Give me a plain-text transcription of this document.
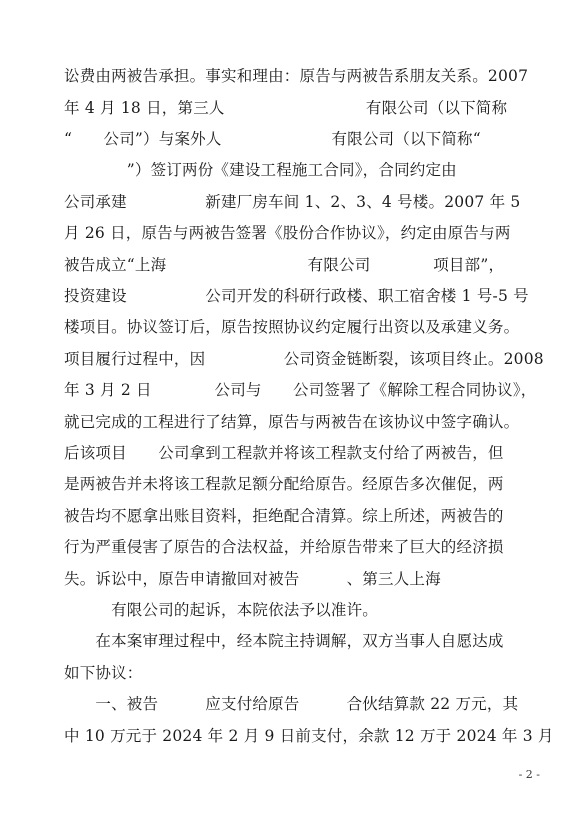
讼费由两被告承担。事实和理由：原告与两被告系朋友关系。2007
年 4 月 18 日，第三人　　　　　　　　　有限公司（以下简称
“　　公司”）与案外人　　　　　　　有限公司（以下简称“
　　　　”）签订两份《建设工程施工合同》，合同约定由
公司承建　　　　　新建厂房车间 1、2、3、4 号楼。2007 年 5
月 26 日，原告与两被告签署《股份合作协议》，约定由原告与两
被告成立“上海　　　　　　　　　有限公司　　　　项目部”，
投资建设　　　　　公司开发的科研行政楼、职工宿舍楼 1 号-5 号
楼项目。协议签订后，原告按照协议约定履行出资以及承建义务。
项目履行过程中，因　　　　　公司资金链断裂，该项目终止。2008
年 3 月 2 日　　　　公司与　　公司签署了《解除工程合同协议》，
就已完成的工程进行了结算，原告与两被告在该协议中签字确认。
后该项目　　公司拿到工程款并将该工程款支付给了两被告，但
是两被告并未将该工程款足额分配给原告。经原告多次催促，两
被告均不愿拿出账目资料，拒绝配合清算。综上所述，两被告的
行为严重侵害了原告的合法权益，并给原告带来了巨大的经济损
失。诉讼中，原告申请撤回对被告　　　、第三人上海
　　　有限公司的起诉，本院依法予以准许。
　　在本案审理过程中，经本院主持调解，双方当事人自愿达成
如下协议：
　　一、被告　　　应支付给原告　　　合伙结算款 22 万元，其
中 10 万元于 2024 年 2 月 9 日前支付，余款 12 万于 2024 年 3 月
- 2 -
